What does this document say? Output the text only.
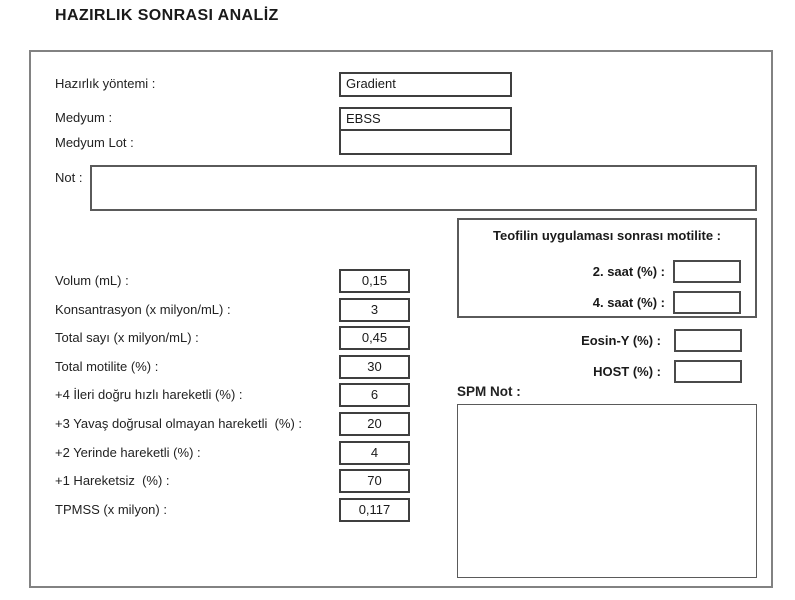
HAZIRLIK SONRASI ANALİZ
Hazırlık yöntemi :	Gradient
Medyum :	EBSS
Medyum Lot :
Not :
Volum (mL) :	0,15
Konsantrasyon (x milyon/mL) :	3
Total sayı (x milyon/mL) :	0,45
Total motilite (%) :	30
+4 İleri doğru hızlı hareketli (%) :	6
+3 Yavaş doğrusal olmayan hareketli  (%) :	20
+2 Yerinde hareketli (%) :	4
+1 Hareketsiz  (%) :	70
TPMSS (x milyon) :	0,117
Teofilin uygulaması sonrası motilite :
2. saat (%) :
4. saat (%) :
Eosin-Y (%) :
HOST (%) :
SPM Not :
